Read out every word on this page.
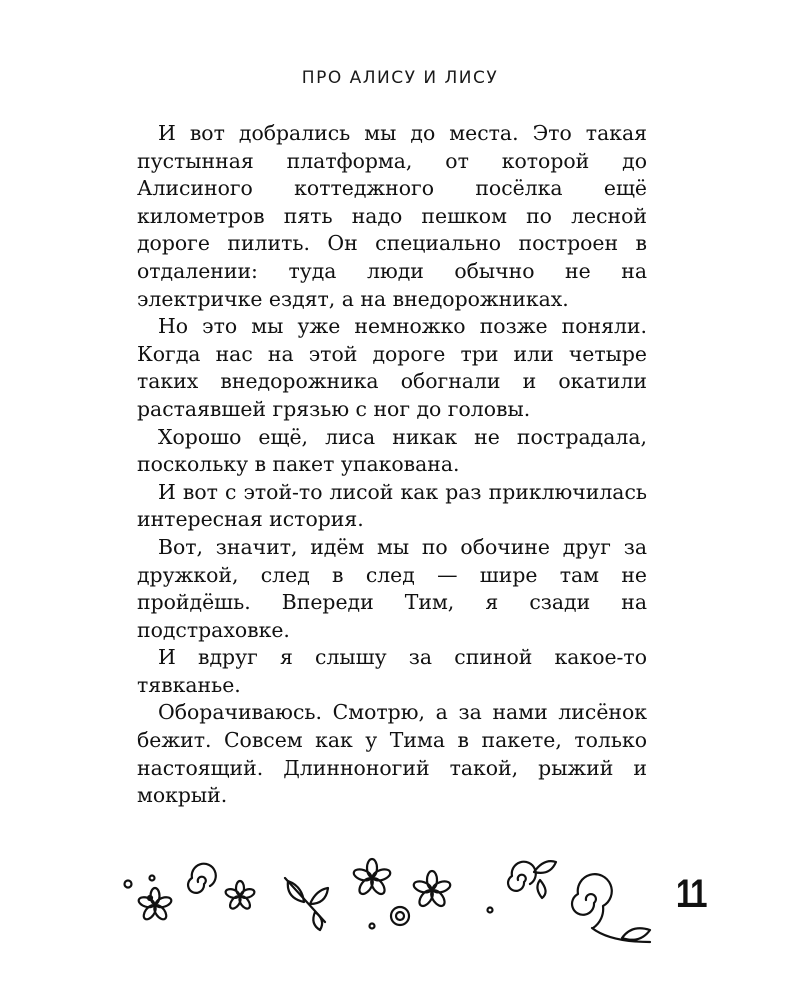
ПРО АЛИСУ И ЛИСУ

И вот добрались мы до места. Это такая пустынная платформа, от которой до Алисиного коттеджного посёлка ещё километров пять надо пешком по лесной дороге пилить. Он специально построен в отдалении: туда люди обычно не на электричке ездят, а на внедорожниках.

Но это мы уже немножко позже поняли. Когда нас на этой дороге три или четыре таких внедорожника обогнали и окатили растаявшей грязью с ног до головы.

Хорошо ещё, лиса никак не пострадала, поскольку в пакет упакована.

И вот с этой-то лисой как раз приключилась интересная история.

Вот, значит, идём мы по обочине друг за дружкой, след в след — шире там не пройдёшь. Впереди Тим, я сзади на подстраховке.

И вдруг я слышу за спиной какое-то тявканье.

Оборачиваюсь. Смотрю, а за нами лисёнок бежит. Совсем как у Тима в пакете, только настоящий. Длинноногий такой, рыжий и мокрый.

11
